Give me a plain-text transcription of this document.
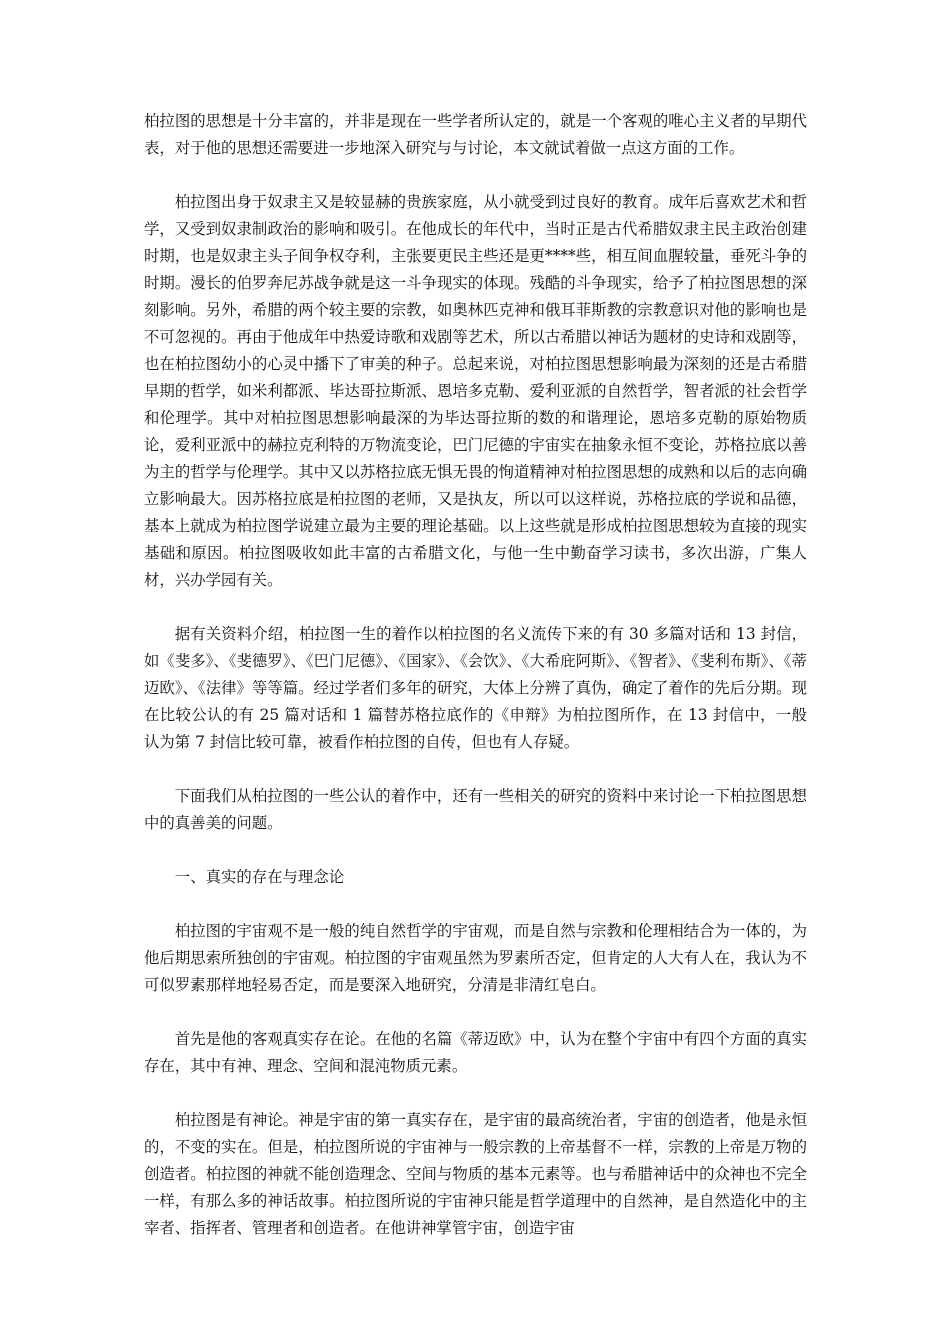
柏拉图的思想是十分丰富的，并非是现在一些学者所认定的，就是一个客观的唯心主义者的早期代表，对于他的思想还需要进一步地深入研究与与讨论，本文就试着做一点这方面的工作。

柏拉图出身于奴隶主又是较显赫的贵族家庭，从小就受到过良好的教育。成年后喜欢艺术和哲学，又受到奴隶制政治的影响和吸引。在他成长的年代中，当时正是古代希腊奴隶主民主政治创建时期，也是奴隶主头子间争权夺利，主张要更民主些还是更****些，相互间血腥较量，垂死斗争的时期。漫长的伯罗奔尼苏战争就是这一斗争现实的体现。残酷的斗争现实，给予了柏拉图思想的深刻影响。另外，希腊的两个较主要的宗教，如奥林匹克神和俄耳菲斯教的宗教意识对他的影响也是不可忽视的。再由于他成年中热爱诗歌和戏剧等艺术，所以古希腊以神话为题材的史诗和戏剧等，也在柏拉图幼小的心灵中播下了审美的种子。总起来说，对柏拉图思想影响最为深刻的还是古希腊早期的哲学，如米利都派、毕达哥拉斯派、恩培多克勒、爱利亚派的自然哲学，智者派的社会哲学和伦理学。其中对柏拉图思想影响最深的为毕达哥拉斯的数的和谐理论，恩培多克勒的原始物质论，爱利亚派中的赫拉克利特的万物流变论，巴门尼德的宇宙实在抽象永恒不变论，苏格拉底以善为主的哲学与伦理学。其中又以苏格拉底无惧无畏的恂道精神对柏拉图思想的成熟和以后的志向确立影响最大。因苏格拉底是柏拉图的老师，又是执友，所以可以这样说，苏格拉底的学说和品德，基本上就成为柏拉图学说建立最为主要的理论基础。以上这些就是形成柏拉图思想较为直接的现实基础和原因。柏拉图吸收如此丰富的古希腊文化，与他一生中勤奋学习读书，多次出游，广集人材，兴办学园有关。

据有关资料介绍，柏拉图一生的着作以柏拉图的名义流传下来的有 30 多篇对话和 13 封信，如《斐多》、《斐德罗》、《巴门尼德》、《国家》、《会饮》、《大希庇阿斯》、《智者》、《斐利布斯》、《蒂迈欧》、《法律》等等篇。经过学者们多年的研究，大体上分辨了真伪，确定了着作的先后分期。现在比较公认的有 25 篇对话和 1 篇替苏格拉底作的《申辩》为柏拉图所作，在 13 封信中，一般认为第 7 封信比较可靠，被看作柏拉图的自传，但也有人存疑。

下面我们从柏拉图的一些公认的着作中，还有一些相关的研究的资料中来讨论一下柏拉图思想中的真善美的问题。

一、真实的存在与理念论

柏拉图的宇宙观不是一般的纯自然哲学的宇宙观，而是自然与宗教和伦理相结合为一体的，为他后期思索所独创的宇宙观。柏拉图的宇宙观虽然为罗素所否定，但肯定的人大有人在，我认为不可似罗素那样地轻易否定，而是要深入地研究，分清是非清红皂白。

首先是他的客观真实存在论。在他的名篇《蒂迈欧》中，认为在整个宇宙中有四个方面的真实存在，其中有神、理念、空间和混沌物质元素。

柏拉图是有神论。神是宇宙的第一真实存在，是宇宙的最高统治者，宇宙的创造者，他是永恒的，不变的实在。但是，柏拉图所说的宇宙神与一般宗教的上帝基督不一样，宗教的上帝是万物的创造者。柏拉图的神就不能创造理念、空间与物质的基本元素等。也与希腊神话中的众神也不完全一样，有那么多的神话故事。柏拉图所说的宇宙神只能是哲学道理中的自然神，是自然造化中的主宰者、指挥者、管理者和创造者。在他讲神掌管宇宙，创造宇宙
